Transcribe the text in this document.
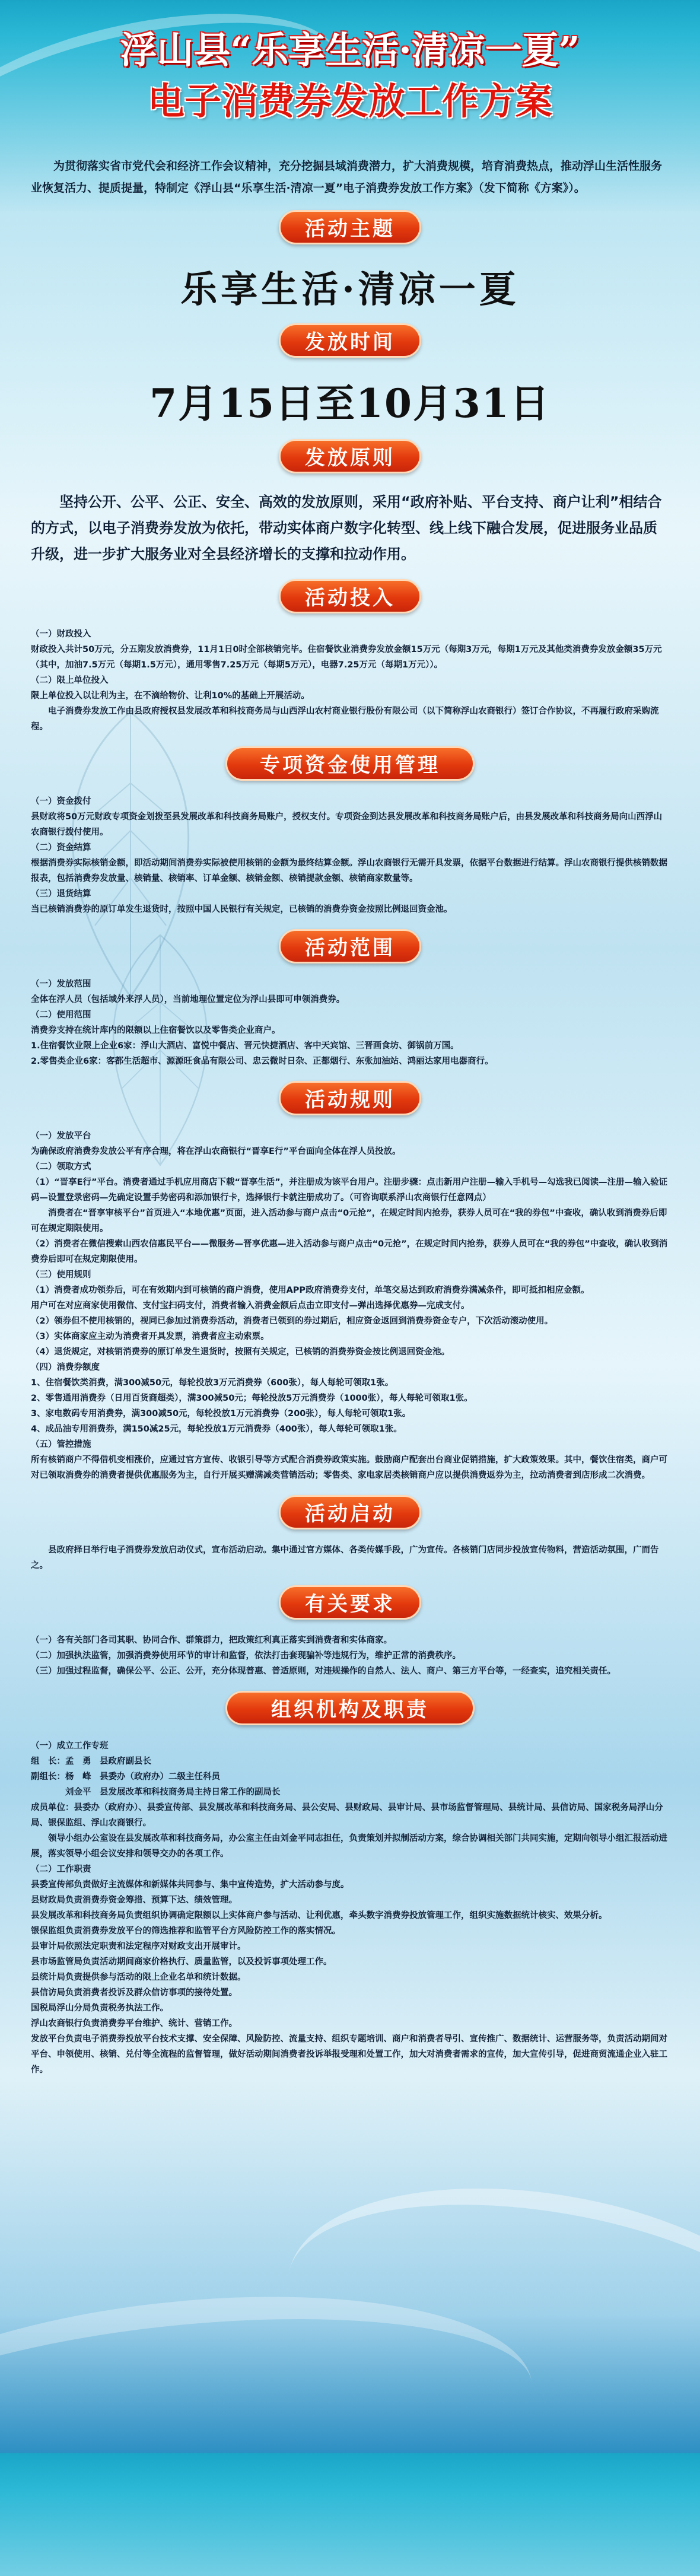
浮山县“乐享生活·清凉一夏”
电子消费券发放工作方案

为贯彻落实省市党代会和经济工作会议精神，充分挖掘县域消费潜力，扩大消费规模，培育消费热点，推动浮山生活性服务业恢复活力、提质提量，特制定《浮山县“乐享生活·清凉一夏”电子消费券发放工作方案》（发下简称《方案》）。

活动主题
乐享生活·清凉一夏
发放时间
7月15日至10月31日
发放原则

坚持公开、公平、公正、安全、高效的发放原则，采用“政府补贴、平台支持、商户让利”相结合的方式，以电子消费券发放为依托，带动实体商户数字化转型、线上线下融合发展，促进服务业品质升级，进一步扩大服务业对全县经济增长的支撑和拉动作用。

活动投入
（一）财政投入
财政投入共计50万元，分五期发放消费券，11月1日0时全部核销完毕。住宿餐饮业消费券发放金额15万元（每期3万元，每期1万元及其他类消费券发放金额35万元（其中，加油7.5万元（每期1.5万元），通用零售7.25万元（每期5万元），电器7.25万元（每期1万元））。
（二）限上单位投入
限上单位投入以让利为主，在不滴给物价、让利10%的基础上开展活动。
电子消费券发放工作由县政府授权县发展改革和科技商务局与山西浮山农村商业银行股份有限公司（以下简称浮山农商银行）签订合作协议，不再履行政府采购流程。
专项资金使用管理
（一）资金拨付
县财政将50万元财政专项资金划拨至县发展改革和科技商务局账户，授权支付。专项资金到达县发展改革和科技商务局账户后，由县发展改革和科技商务局向山西浮山农商银行拨付使用。
（二）资金结算
根据消费券实际核销金额，即活动期间消费券实际被使用核销的金额为最终结算金额。浮山农商银行无需开具发票，依据平台数据进行结算。浮山农商银行提供核销数据报表，包括消费券发放量、核销量、核销率、订单金额、核销金额、核销提款金额、核销商家数量等。
（三）退货结算
当已核销消费券的原订单发生退货时，按照中国人民银行有关规定，已核销的消费券资金按照比例退回资金池。
活动范围
（一）发放范围
全体在浮人员（包括域外来浮人员），当前地理位置定位为浮山县即可申领消费券。
（二）使用范围
消费券支持在统计库内的限额以上住宿餐饮以及零售类企业商户。
1.住宿餐饮业限上企业6家：浮山大酒店、富悦中餐店、晋元快捷酒店、客中天宾馆、三晋画食坊、御锅前万国。
2.零售类企业6家：客都生活超市、源源旺食品有限公司、忠云微时日杂、正都烟行、东张加油站、鸿丽达家用电器商行。
活动规则
（一）发放平台
为确保政府消费券发放公平有序合理，将在浮山农商银行“晋享E行”平台面向全体在浮人员投放。
（二）领取方式
（1）“晋享E行”平台。消费者通过手机应用商店下载“晋享生活”，并注册成为该平台用户。注册步骤：点击新用户注册—输入手机号—勾选我已阅读—注册—输入验证码—设置登录密码—先确定设置手势密码和添加银行卡，选择银行卡就注册成功了。（可咨询联系浮山农商银行任意网点）
消费者在“晋享审核平台”首页进入“本地优惠”页面，进入活动参与商户点击“0元抢”，在规定时间内抢券，获券人员可在“我的券包”中查收，确认收到消费券后即可在规定期限使用。
（2）消费者在微信搜索山西农信惠民平台——微服务—晋享优惠—进入活动参与商户点击“0元抢”，在规定时间内抢券，获券人员可在“我的券包”中查收，确认收到消费券后即可在规定期限使用。
（三）使用规则
（1）消费者成功领券后，可在有效期内到可核销的商户消费，使用APP政府消费券支付，单笔交易达到政府消费券满减条件，即可抵扣相应金额。
用户可在对应商家使用微信、支付宝扫码支付，消费者输入消费金额后点击立即支付—弹出选择优惠券—完成支付。
（2）领券但不使用核销的，视同已参加过消费券活动，消费者已领到的券过期后，相应资金返回到消费券资金专户，下次活动滚动使用。
（3）实体商家应主动为消费者开具发票，消费者应主动索票。
（4）退货规定，对核销消费券的原订单发生退货时，按照有关规定，已核销的消费券资金按比例退回资金池。
（四）消费券额度
1、住宿餐饮类消费，满300减50元，每轮投放3万元消费券（600张），每人每轮可领取1张。
2、零售通用消费券（日用百货商超类），满300减50元；每轮投放5万元消费券（1000张），每人每轮可领取1张。
3、家电数码专用消费券，满300减50元，每轮投放1万元消费券（200张），每人每轮可领取1张。
4、成品油专用消费券，满150减25元，每轮投放1万元消费券（400张），每人每轮可领取1张。
（五）管控措施
所有核销商户不得借机变相涨价，应通过官方宣传、收银引导等方式配合消费券政策实施。鼓励商户配套出台商业促销措施，扩大政策效果。其中，餐饮住宿类，商户可对已领取消费券的消费者提供优惠服务为主，自行开展买赠满减类营销活动；零售类、家电家居类核销商户应以提供消费返券为主，拉动消费者到店形成二次消费。
活动启动

县政府择日举行电子消费券发放启动仪式，宣布活动启动。集中通过官方媒体、各类传媒手段，广为宣传。各核销门店同步投放宣传物料，营造活动氛围，广而告之。

有关要求
（一）各有关部门各司其职、协同合作、群策群力，把政策红利真正落实到消费者和实体商家。
（二）加强执法监管，加强消费券使用环节的审计和监督，依法打击套现骗补等违规行为，维护正常的消费秩序。
（三）加强过程监督，确保公平、公正、公开，充分体现普惠、普适原则，对违规操作的自然人、法人、商户、第三方平台等，一经查实，追究相关责任。
组织机构及职责
（一）成立工作专班
组　长：孟　勇　县政府副县长
副组长：杨　峰　县委办（政府办）二级主任科员
　　　　刘金平　县发展改革和科技商务局主持日常工作的副局长
成员单位：县委办（政府办）、县委宣传部、县发展改革和科技商务局、县公安局、县财政局、县审计局、县市场监督管理局、县统计局、县信访局、国家税务局浮山分局、银保监组、浮山农商银行。
领导小组办公室设在县发展改革和科技商务局，办公室主任由刘金平同志担任，负责策划并拟制活动方案，综合协调相关部门共同实施，定期向领导小组汇报活动进展，落实领导小组会议安排和领导交办的各项工作。
（二）工作职责
县委宣传部负责做好主流媒体和新媒体共同参与、集中宣传造势，扩大活动参与度。
县财政局负责消费券资金筹措、预算下达、绩效管理。
县发展改革和科技商务局负责组织协调确定限额以上实体商户参与活动、让利优惠，牵头数字消费券投放管理工作，组织实施数据统计核实、效果分析。
银保监组负责消费券发放平台的筛选推荐和监管平台方风险防控工作的落实情况。
县审计局依照法定职责和法定程序对财政支出开展审计。
县市场监管局负责活动期间商家价格执行、质量监管，以及投诉事项处理工作。
县统计局负责提供参与活动的限上企业名单和统计数据。
县信访局负责消费者投诉及群众信访事项的接待处置。
国税局浮山分局负责税务执法工作。
浮山农商银行负责消费券平台维护、统计、营销工作。
发放平台负责电子消费券投放平台技术支撑、安全保障、风险防控、流量支持、组织专题培训、商户和消费者导引、宣传推广、数据统计、运营服务等，负责活动期间对平台、申领使用、核销、兑付等全流程的监督管理，做好活动期间消费者投诉举报受理和处置工作，加大对消费者需求的宣传，加大宣传引导，促进商贸流通企业入驻工作。
